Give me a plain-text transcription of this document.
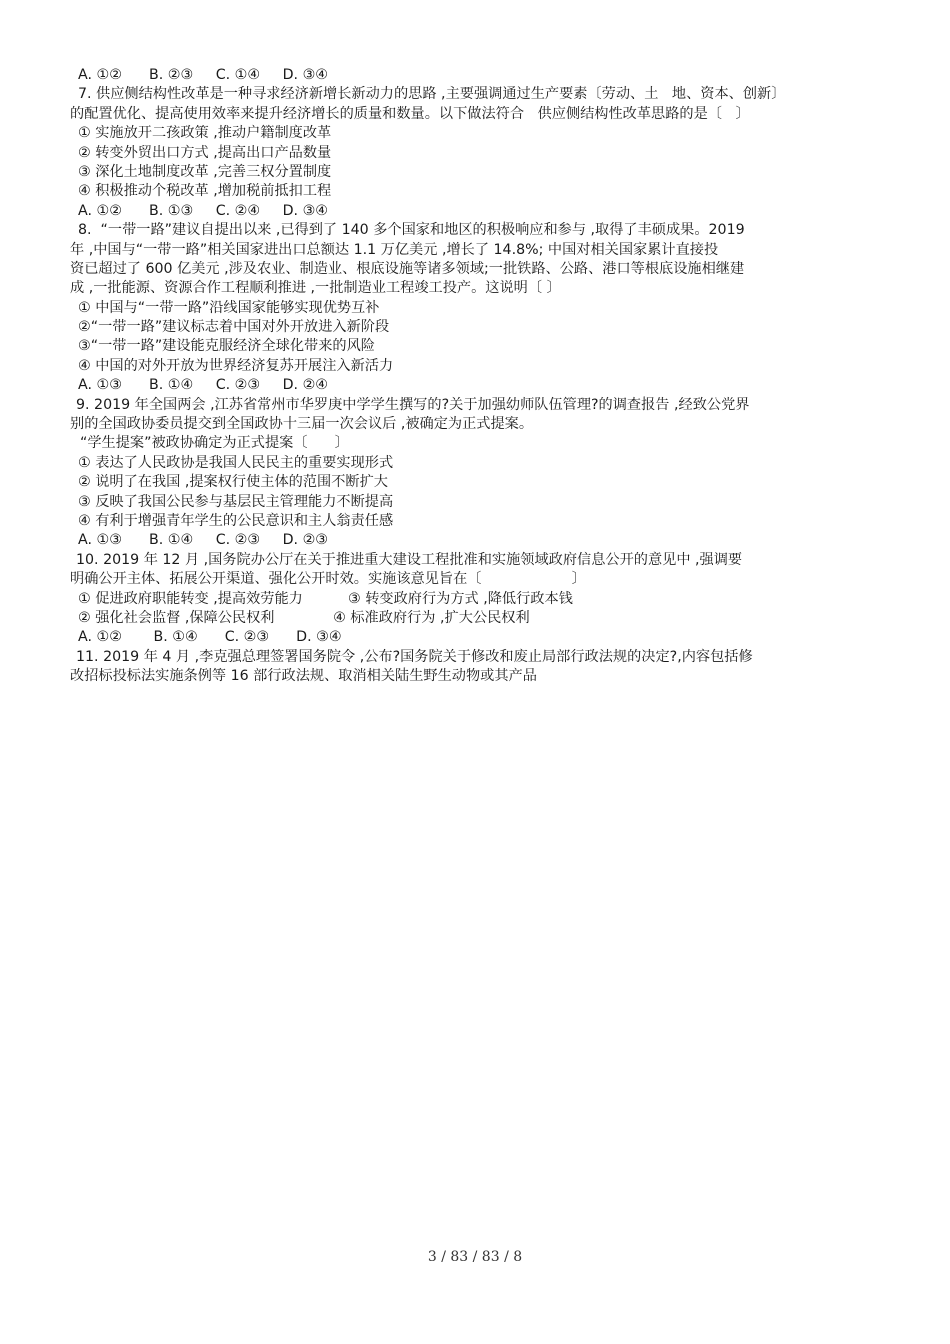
A. ①②      B. ②③     C. ①④     D. ③④
7. 供应侧结构性改革是一种寻求经济新增长新动力的思路 ,主要强调通过生产要素〔劳动、土   地、资本、创新〕
的配置优化、提高使用效率来提升经济增长的质量和数量。以下做法符合   供应侧结构性改革思路的是〔   〕
① 实施放开二孩政策 ,推动户籍制度改革
② 转变外贸出口方式 ,提高出口产品数量
③ 深化土地制度改革 ,完善三权分置制度
④ 积极推动个税改革 ,增加税前抵扣工程
A. ①②      B. ①③     C. ②④     D. ③④
8.  “一带一路”建议自提出以来 ,已得到了 140 多个国家和地区的积极响应和参与 ,取得了丰硕成果。2019
年 ,中国与“一带一路”相关国家进出口总额达 1.1 万亿美元 ,增长了 14.8%; 中国对相关国家累计直接投
资已超过了 600 亿美元 ,涉及农业、制造业、根底设施等诸多领域;一批铁路、公路、港口等根底设施相继建
成 ,一批能源、资源合作工程顺利推进 ,一批制造业工程竣工投产。这说明〔 〕
① 中国与“一带一路”沿线国家能够实现优势互补
②“一带一路”建议标志着中国对外开放进入新阶段
③“一带一路”建设能克服经济全球化带来的风险
④ 中国的对外开放为世界经济复苏开展注入新活力
A. ①③      B. ①④     C. ②③     D. ②④
9. 2019 年全国两会 ,江苏省常州市华罗庚中学学生撰写的?关于加强幼师队伍管理?的调查报告 ,经致公党界
别的全国政协委员提交到全国政协十三届一次会议后 ,被确定为正式提案。
“学生提案”被政协确定为正式提案〔      〕
① 表达了人民政协是我国人民民主的重要实现形式
② 说明了在我国 ,提案权行使主体的范围不断扩大
③ 反映了我国公民参与基层民主管理能力不断提高
④ 有利于增强青年学生的公民意识和主人翁责任感
A. ①③      B. ①④     C. ②③     D. ②③
10. 2019 年 12 月 ,国务院办公厅在关于推进重大建设工程批准和实施领域政府信息公开的意见中 ,强调要
明确公开主体、拓展公开渠道、强化公开时效。实施该意见旨在〔                    〕
① 促进政府职能转变 ,提高效劳能力          ③ 转变政府行为方式 ,降低行政本钱
② 强化社会监督 ,保障公民权利             ④ 标准政府行为 ,扩大公民权利
A. ①②       B. ①④      C. ②③      D. ③④
11. 2019 年 4 月 ,李克强总理签署国务院令 ,公布?国务院关于修改和废止局部行政法规的决定?,内容包括修
改招标投标法实施条例等 16 部行政法规、取消相关陆生野生动物或其产品
3 / 83 / 83 / 8
